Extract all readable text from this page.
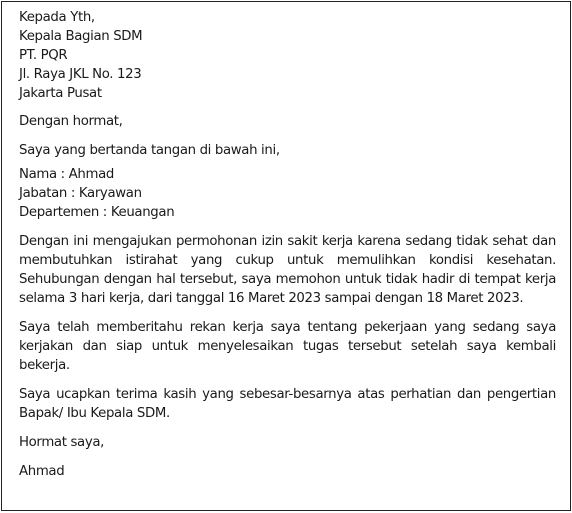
Kepada Yth,
Kepala Bagian SDM
PT. PQR
Jl. Raya JKL No. 123
Jakarta Pusat
Dengan hormat,
Saya yang bertanda tangan di bawah ini,
Nama : Ahmad
Jabatan : Karyawan
Departemen : Keuangan

Dengan ini mengajukan permohonan izin sakit kerja karena sedang tidak sehat dan membutuhkan istirahat yang cukup untuk memulihkan kondisi kesehatan. Sehubungan dengan hal tersebut, saya memohon untuk tidak hadir di tempat kerja selama 3 hari kerja, dari tanggal 16 Maret 2023 sampai dengan 18 Maret 2023.

Saya telah memberitahu rekan kerja saya tentang pekerjaan yang sedang saya kerjakan dan siap untuk menyelesaikan tugas tersebut setelah saya kembali bekerja.

Saya ucapkan terima kasih yang sebesar-besarnya atas perhatian dan pengertian Bapak/ Ibu Kepala SDM.

Hormat saya,
Ahmad
